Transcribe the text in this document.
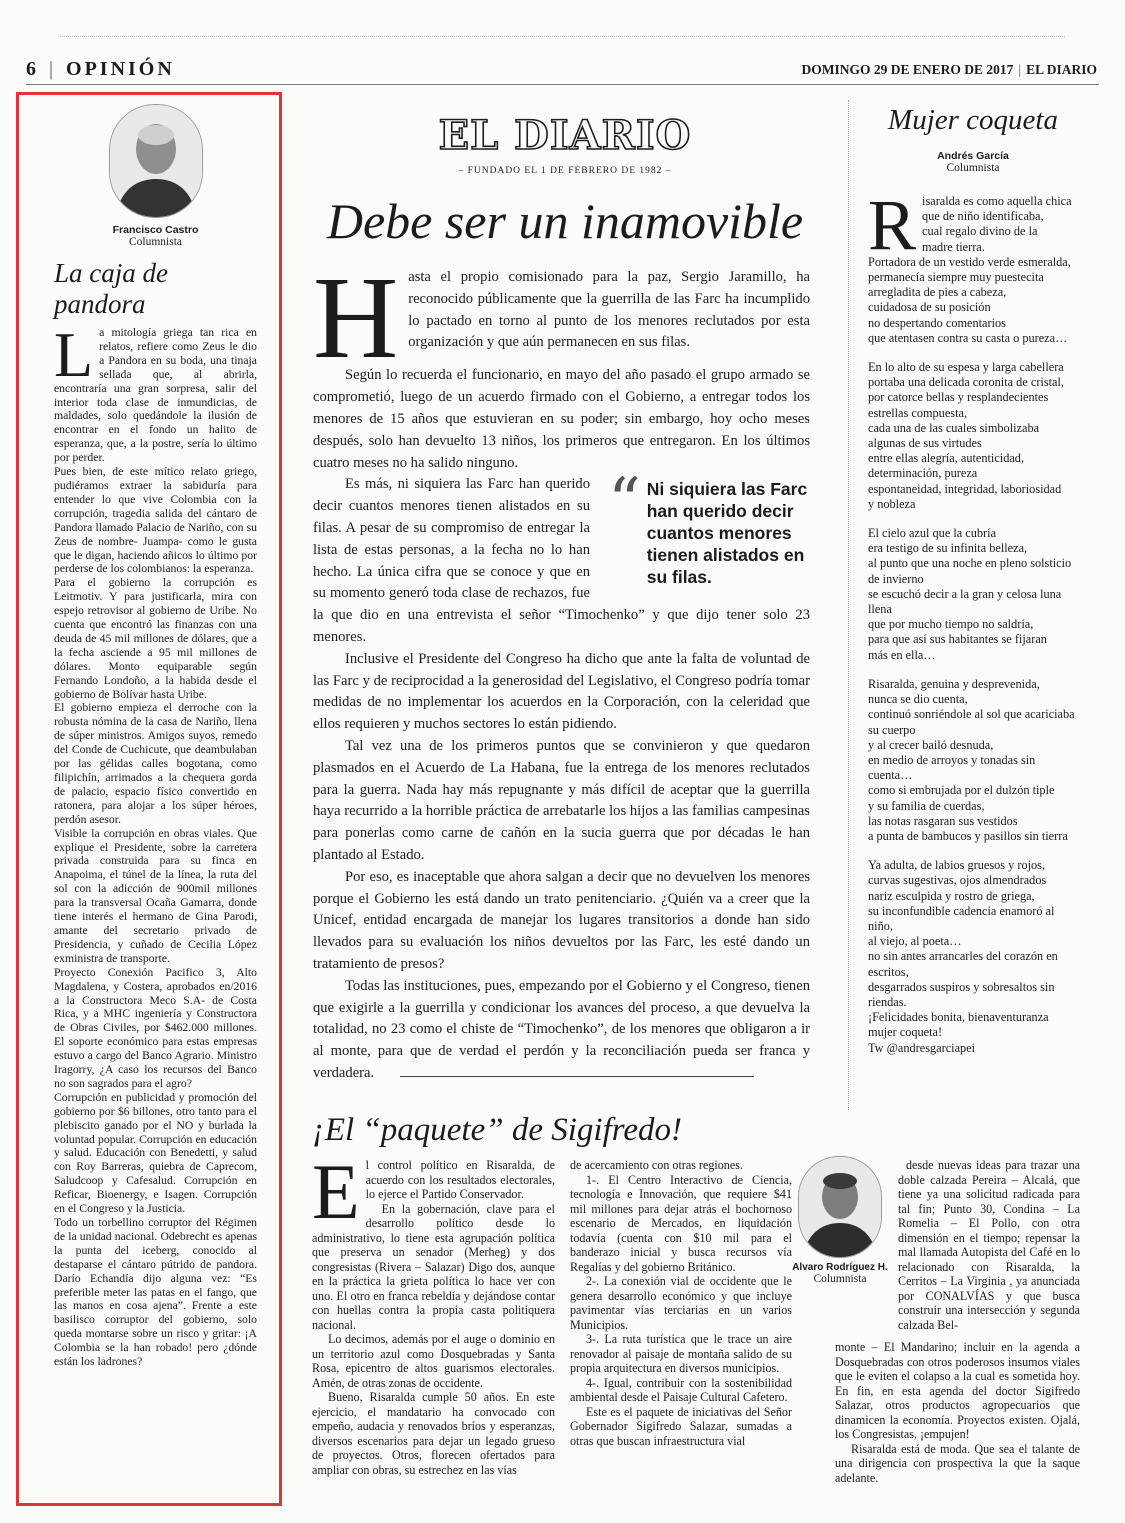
6 | OPINIÓN	DOMINGO 29 DE ENERO DE 2017 | EL DIARIO
Francisco Castro
Columnista
La caja de pandora

La mitología griega tan rica en relatos, refiere como Zeus le dio a Pandora en su boda, una tinaja sellada que, al abrirla, encontraría una gran sorpresa, salir del interior toda clase de inmundicias, de maldades, solo quedándole la ilusión de encontrar en el fondo un halito de esperanza, que, a la postre, sería lo último por perder.

Pues bien, de este mítico relato griego, pudiéramos extraer la sabiduría para entender lo que vive Colombia con la corrupción, tragedia salida del cántaro de Pandora llamado Palacio de Nariño, con su Zeus de nombre- Juampa- como le gusta que le digan, haciendo añicos lo último por perderse de los colombianos: la esperanza.

Para el gobierno la corrupción es Leitmotiv. Y para justificarla, mira con espejo retrovisor al gobierno de Uribe. No cuenta que encontró las finanzas con una deuda de 45 mil millones de dólares, que a la fecha asciende a 95 mil millones de dólares. Monto equiparable según Fernando Londoño, a la habida desde el gobierno de Bolívar hasta Uribe.

El gobierno empieza el derroche con la robusta nómina de la casa de Nariño, llena de súper ministros. Amigos suyos, remedo del Conde de Cuchicute, que deambulaban por las gélidas calles bogotana, como filipichín, arrimados a la chequera gorda de palacio, espacio físico convertido en ratonera, para alojar a los súper héroes, perdón asesor.

Visible la corrupción en obras viales. Que explique el Presidente, sobre la carretera privada construida para su finca en Anapoima, el túnel de la línea, la ruta del sol con la adicción de 900mil millones para la transversal Ocaña Gamarra, donde tiene interés el hermano de Gina Parodi, amante del secretario privado de Presidencia, y cuñado de Cecilia López exministra de transporte.

Proyecto Conexión Pacifico 3, Alto Magdalena, y Costera, aprobados en/2016 a la Constructora Meco S.A- de Costa Rica, y a MHC ingeniería y Constructora de Obras Civiles, por $462.000 millones. El soporte económico para estas empresas estuvo a cargo del Banco Agrario. Ministro Iragorry, ¿A caso los recursos del Banco no son sagrados para el agro?

Corrupción en publicidad y promoción del gobierno por $6 billones, otro tanto para el plebiscito ganado por el NO y burlada la voluntad popular. Corrupción en educación y salud. Educación con Benedetti, y salud con Roy Barreras, quiebra de Caprecom, Saludcoop y Cafesalud. Corrupción en Reficar, Bioenergy, e Isagen. Corrupción en el Congreso y la Justicia.

Todo un torbellino corruptor del Régimen de la unidad nacional. Odebrecht es apenas la punta del iceberg, conocido al destaparse el cántaro pútrido de pandora. Darío Echandía dijo alguna vez: “Es preferible meter las patas en el fango, que las manos en cosa ajena”. Frente a este basilisco corruptor del gobierno, solo queda montarse sobre un risco y gritar: ¡A Colombia se la han robado! pero ¿dónde están los ladrones?

EL DIARIO
– FUNDADO EL 1 DE FEBRERO DE 1982 –
Debe ser un inamovible

Hasta el propio comisionado para la paz, Sergio Jaramillo, ha reconocido públicamente que la guerrilla de las Farc ha incumplido lo pactado en torno al punto de los menores reclutados por esta organización y que aún permanecen en sus filas.

Según lo recuerda el funcionario, en mayo del año pasado el grupo armado se comprometió, luego de un acuerdo firmado con el Gobierno, a entregar todos los menores de 15 años que estuvieran en su poder; sin embargo, hoy ocho meses después, solo han devuelto 13 niños, los primeros que entregaron. En los últimos cuatro meses no ha salido ninguno.

“ Ni siquiera las Farc han querido decir cuantos menores tienen alistados en su filas.
Es más, ni siquiera las Farc han querido decir cuantos menores tienen alistados en su filas. A pesar de su compromiso de entregar la lista de estas personas, a la fecha no lo han hecho. La única cifra que se conoce y que en su momento generó toda clase de rechazos, fue la que dio en una entrevista el señor “Timochenko” y que dijo tener solo 23 menores.

Inclusive el Presidente del Congreso ha dicho que ante la falta de voluntad de las Farc y de reciprocidad a la generosidad del Legislativo, el Congreso podría tomar medidas de no implementar los acuerdos en la Corporación, con la celeridad que ellos requieren y muchos sectores lo están pidiendo.

Tal vez una de los primeros puntos que se convinieron y que quedaron plasmados en el Acuerdo de La Habana, fue la entrega de los menores reclutados para la guerra. Nada hay más repugnante y más difícil de aceptar que la guerrilla haya recurrido a la horrible práctica de arrebatarle los hijos a las familias campesinas para ponerlas como carne de cañón en la sucia guerra que por décadas le han plantado al Estado.

Por eso, es inaceptable que ahora salgan a decir que no devuelven los menores porque el Gobierno les está dando un trato penitenciario. ¿Quién va a creer que la Unicef, entidad encargada de manejar los lugares transitorios a donde han sido llevados para su evaluación los niños devueltos por las Farc, les esté dando un tratamiento de presos?

Todas las instituciones, pues, empezando por el Gobierno y el Congreso, tienen que exigirle a la guerrilla y condicionar los avances del proceso, a que devuelva la totalidad, no 23 como el chiste de “Timochenko”, de los menores que obligaron a ir al monte, para que de verdad el perdón y la reconciliación pueda ser franca y verdadera.

Mujer coqueta
Andrés García
Columnista

Risaralda es como aquella chica
que de niño identificaba,
cual regalo divino de la
madre tierra.

Portadora de un vestido verde esmeralda,
permanecía siempre muy puestecita
arregladita de pies a cabeza,
cuidadosa de su posición
no despertando comentarios
que atentasen contra su casta o pureza…

En lo alto de su espesa y larga cabellera
portaba una delicada coronita de cristal,
por catorce bellas y resplandecientes
estrellas compuesta,
cada una de las cuales simbolizaba algunas de sus virtudes
entre ellas alegría, autenticidad, determinación, pureza
espontaneidad, integridad, laboriosidad
y nobleza

El cielo azul que la cubría
era testigo de su infinita belleza,
al punto que una noche en pleno solsticio de invierno
se escuchó decir a la gran y celosa luna
llena
que por mucho tiempo no saldría,
para que así sus habitantes se fijaran
más en ella…

Risaralda, genuina y desprevenida,
nunca se dio cuenta,
continuó sonriéndole al sol que acariciaba su cuerpo
y al crecer bailó desnuda,
en medio de arroyos y tonadas sin cuenta…
como si embrujada por el dulzón tiple
y su familia de cuerdas,
las notas rasgaran sus vestidos
a punta de bambucos y pasillos sin tierra

Ya adulta, de labios gruesos y rojos,
curvas sugestivas, ojos almendrados
nariz esculpida y rostro de griega,
su inconfundible cadencia enamoró al
niño,
al viejo, al poeta…
no sin antes arrancarles del corazón en
escritos,
desgarrados suspiros y sobresaltos sin
riendas.
¡Felicidades bonita, bienaventuranza
mujer coqueta!
Tw @andresgarciapei

¡El “paquete” de Sigifredo!

El control político en Risaralda, de acuerdo con los resultados electorales, lo ejerce el Partido Conservador.

En la gobernación, clave para el desarrollo político desde lo administrativo, lo tiene esta agrupación política que preserva un senador (Merheg) y dos congresistas (Rivera – Salazar) Digo dos, aunque en la práctica la grieta política lo hace ver con uno. El otro en franca rebeldía y dejándose contar con huellas contra la propia casta politiquera nacional.

Lo decimos, además por el auge o dominio en un territorio azul como Dosquebradas y Santa Rosa, epicentro de altos guarismos electorales. Amén, de otras zonas de occidente.

Bueno, Risaralda cumple 50 años. En este ejercicio, el mandatario ha convocado con empeño, audacia y renovados bríos y esperanzas, diversos escenarios para dejar un legado grueso de proyectos. Otros, florecen ofertados para ampliar con obras, su estrechez en las vías

de acercamiento con otras regiones.

1-. El Centro Interactivo de Ciencia, tecnología e Innovación, que requiere $41 mil millones para dejar atrás el bochornoso escenario de Mercados, en liquidación todavía (cuenta con $10 mil para el banderazo inicial y busca recursos vía Regalías y del gobierno Británico.

2-. La conexión vial de occidente que le genera desarrollo económico y que incluye pavimentar vías terciarias en un varios Municipios.

3-. La ruta turística que le trace un aire renovador al paisaje de montaña salido de su propia arquitectura en diversos municipios.

4-. Igual, contribuir con la sostenibilidad ambiental desde el Paisaje Cultural Cafetero.

Este es el paquete de iniciativas del Señor Gobernador Sigifredo Salazar, sumadas a otras que buscan infraestructura vial

Alvaro Rodríguez H.
Columnista

desde nuevas ideas para trazar una doble calzada Pereira – Alcalá, que tiene ya una solicitud radicada para tal fin; Punto 30, Condina – La Romelia – El Pollo, con otra dimensión en el tiempo; repensar la mal llamada Autopista del Café en lo relacionado con Risaralda, la Cerritos – La Virginia , ya anunciada por CONALVÍAS y que busca construir una intersección y segunda calzada Bel-

monte – El Mandarino; incluir en la agenda a Dosquebradas con otros poderosos insumos viales que le eviten el colapso a la cual es sometida hoy. En fin, en esta agenda del doctor Sigifredo Salazar, otros productos agropecuarios que dinamicen la economía. Proyectos existen. Ojalá, los Congresistas, ¡empujen!

Risaralda está de moda. Que sea el talante de una dirigencia con prospectiva la que la saque adelante.
